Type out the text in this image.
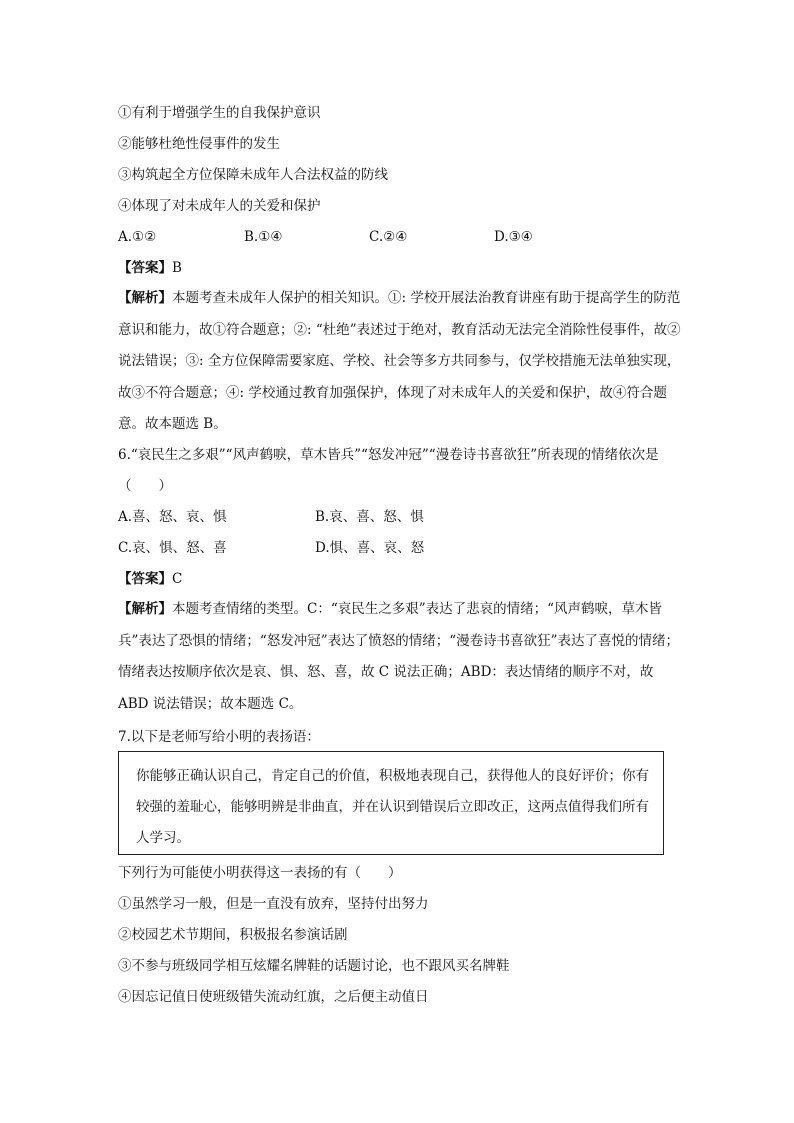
①有利于增强学生的自我保护意识
②能够杜绝性侵事件的发生
③构筑起全方位保障未成年人合法权益的防线
④体现了对未成年人的关爱和保护
A.①②	B.①④	C.②④	D.③④
【答案】B
【解析】本题考查未成年人保护的相关知识。①: 学校开展法治教育讲座有助于提高学生的防范意识和能力，故①符合题意；②: “杜绝”表述过于绝对，教育活动无法完全消除性侵事件，故②说法错误；③: 全方位保障需要家庭、学校、社会等多方共同参与，仅学校措施无法单独实现，故③不符合题意；④: 学校通过教育加强保护，体现了对未成年人的关爱和保护，故④符合题意。故本题选 B。
6.“哀民生之多艰”“风声鹤唳，草木皆兵”“怒发冲冠”“漫卷诗书喜欲狂”所表现的情绪依次是
（　　）
A.喜、怒、哀、惧	B.哀、喜、怒、惧
C.哀、惧、怒、喜	D.惧、喜、哀、怒
【答案】C
【解析】本题考查情绪的类型。C：“哀民生之多艰”表达了悲哀的情绪；“风声鹤唳，草木皆兵”表达了恐惧的情绪；“怒发冲冠”表达了愤怒的情绪；“漫卷诗书喜欲狂”表达了喜悦的情绪；情绪表达按顺序依次是哀、惧、怒、喜，故 C 说法正确；ABD：表达情绪的顺序不对，故 ABD 说法错误；故本题选 C。
7.以下是老师写给小明的表扬语：
你能够正确认识自己，肯定自己的价值，积极地表现自己，获得他人的良好评价；你有较强的羞耻心，能够明辨是非曲直，并在认识到错误后立即改正，这两点值得我们所有人学习。
下列行为可能使小明获得这一表扬的有（　　）
①虽然学习一般，但是一直没有放弃，坚持付出努力
②校园艺术节期间，积极报名参演话剧
③不参与班级同学相互炫耀名牌鞋的话题讨论，也不跟风买名牌鞋
④因忘记值日使班级错失流动红旗，之后便主动值日
